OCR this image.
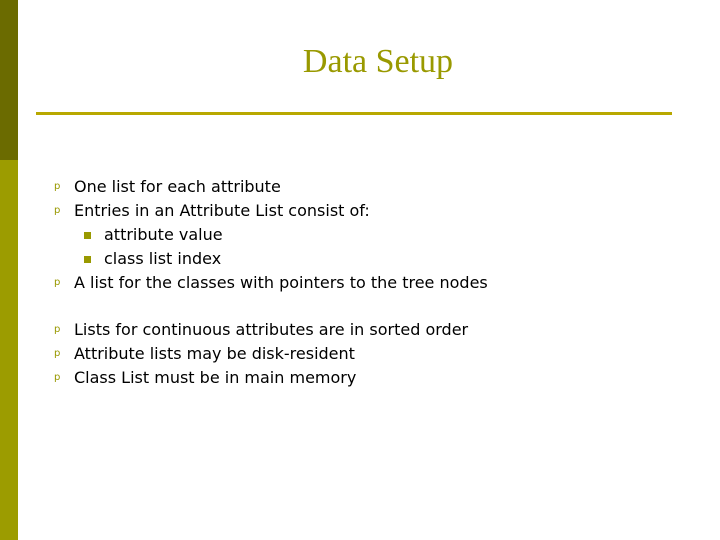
Data Setup
p One list for each attribute
p Entries in an Attribute List consist of:
attribute value
class list index
p A list for the classes with pointers to the tree nodes
p Lists for continuous attributes are in sorted order
p Attribute lists may be disk-resident
p Class List must be in main memory
